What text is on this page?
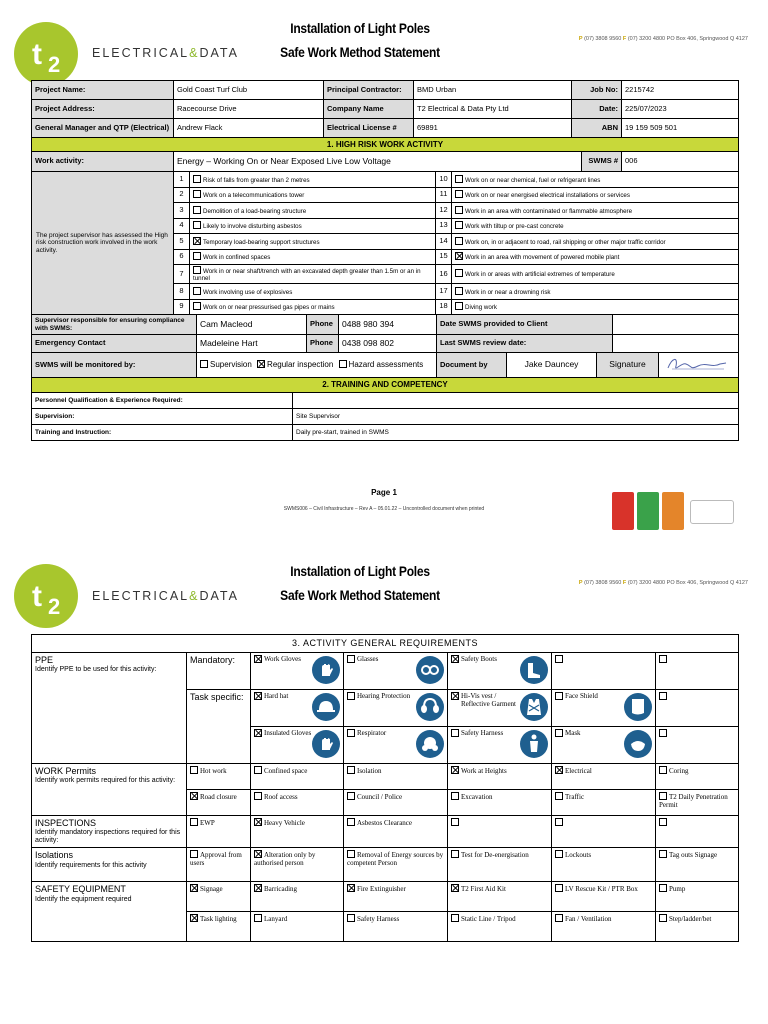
t 2	ELECTRICAL&DATA
Installation of Light Poles
Safe Work Method Statement
P (07) 3808 9560 F (07) 3200 4800 PO Box 406, Springwood Q 4127
Project Name:	Gold Coast Turf Club	Principal Contractor:	BMD Urban	Job No:	2215742
Project Address:	Racecourse Drive	Company Name	T2 Electrical & Data Pty Ltd	Date:	225/07/2023
General Manager and QTP (Electrical)	Andrew Flack	Electrical License #	69891	ABN	19 159 509 501
1. HIGH RISK WORK ACTIVITY						
Work activity:	Energy – Working On or Near Exposed Live Low Voltage				SWMS #	006
The project supervisor has assessed the High risk construction work involved in the work activity.	1	Risk of falls from greater than 2 metres	10	Work on or near chemical, fuel or refrigerant lines		
	2	Work on a telecommunications tower	11	Work on or near energised electrical installations or services		
	3	Demolition of a load-bearing structure	12	Work in an area with contaminated or flammable atmosphere		
	4	Likely to involve disturbing asbestos	13	Work with tiltup or pre-cast concrete		
	5	Temporary load-bearing support structures	14	Work on, in or adjacent to road, rail shipping or other major traffic corridor		
	6	Work in confined spaces	15	Work in an area with movement of powered mobile plant		
	7	Work in or near shaft/trench with an excavated depth greater than 1.5m or an in tunnel	16	Work in or areas with artificial extremes of temperature		
	8	Work involving use of explosives	17	Work in or near a drowning risk		
	9	Work on or near pressurised gas pipes or mains	18	Diving work		
Supervisor responsible for ensuring compliance with SWMS:	Cam Macleod	Phone	0488 980 394	Date SWMS provided to Client	
Emergency Contact	Madeleine Hart	Phone	0438 098 802	Last SWMS review date:	
SWMS will be monitored by:	Supervision Regular inspection Hazard assessments	Document by	Jake Dauncey	Signature	
2. TRAINING AND COMPETENCY	
Personnel Qualification & Experience Required:	
Supervision:	Site Supervisor
Training and Instruction:	Daily pre-start, trained in SWMS
Page 1
SWMS006 – Civil Infrastructure – Rev A – 05.01.22 – Uncontrolled document when printed
t 2	ELECTRICAL&DATA
Installation of Light Poles
Safe Work Method Statement
P (07) 3808 9560 F (07) 3200 4800 PO Box 406, Springwood Q 4127
3. ACTIVITY GENERAL REQUIREMENTS						
PPE
Identify PPE to be used for this activity:	Mandatory:	Work Gloves	Glasses	Safety Boots

	Task specific:	Hard hat	Hearing Protection	Hi-Vis vest / Reflective Garment	Face Shield

		Insulated Gloves	Respirator	Safety Harness	Mask

WORK Permits
Identify work permits required for this activity:	Hot work	Confined space	Isolation	Work at Heights	Electrical	Coring
	Road closure	Roof access	Council / Police	Excavation	Traffic	T2 Daily Penetration Permit
INSPECTIONS
Identify mandatory inspections required for this activity:	EWP	Heavy Vehicle	Asbestos Clearance			
Isolations
Identify requirements for this activity	Approval from users	Alteration only by authorised person	Removal of Energy sources by competent Person	Test for De-energisation	Lockouts	Tag outs Signage
SAFETY EQUIPMENT
Identify the equipment required	Signage	Barricading	Fire Extinguisher	T2 First Aid Kit	LV Rescue Kit / PTR Box	Pump
	Task lighting	Lanyard	Safety Harness	Static Line / Tripod	Fan / Ventilation	Step/ladder/bet
